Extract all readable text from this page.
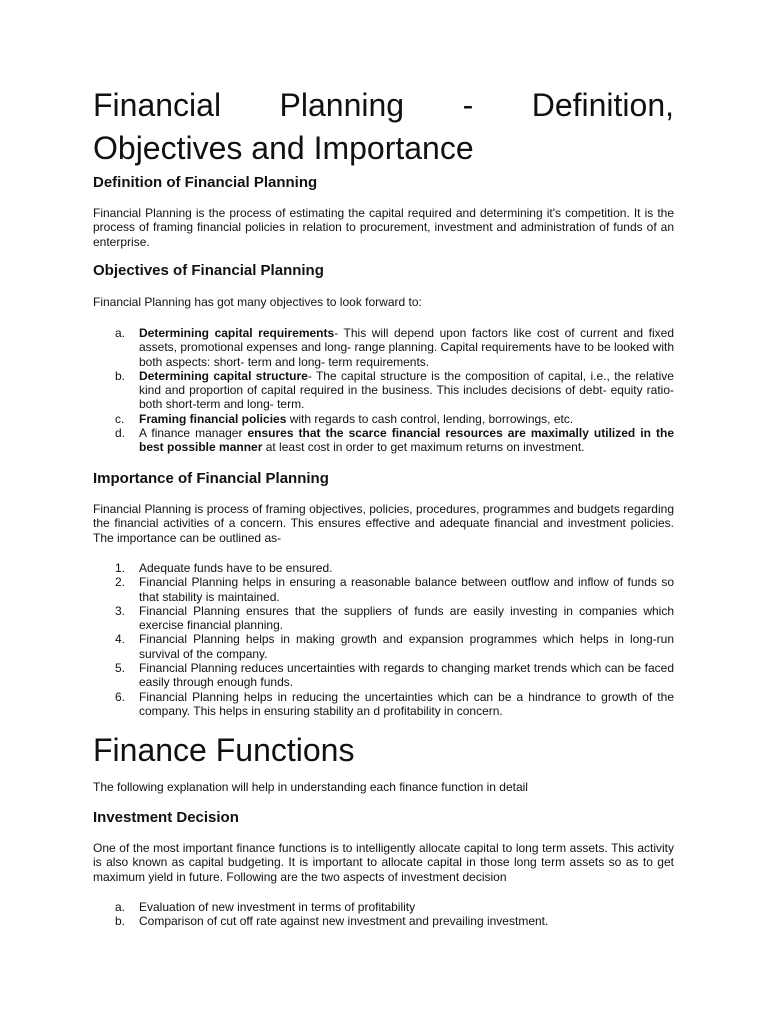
Financial Planning - Definition, Objectives and Importance
Definition of Financial Planning

Financial Planning is the process of estimating the capital required and determining it's competition. It is the process of framing financial policies in relation to procurement, investment and administration of funds of an enterprise.

Objectives of Financial Planning

Financial Planning has got many objectives to look forward to:

a. Determining capital requirements- This will depend upon factors like cost of current and fixed assets, promotional expenses and long- range planning. Capital requirements have to be looked with both aspects: short- term and long- term requirements.
b. Determining capital structure- The capital structure is the composition of capital, i.e., the relative kind and proportion of capital required in the business. This includes decisions of debt- equity ratio- both short-term and long- term.
c. Framing financial policies with regards to cash control, lending, borrowings, etc.
d. A finance manager ensures that the scarce financial resources are maximally utilized in the best possible manner at least cost in order to get maximum returns on investment.
Importance of Financial Planning

Financial Planning is process of framing objectives, policies, procedures, programmes and budgets regarding the financial activities of a concern. This ensures effective and adequate financial and investment policies. The importance can be outlined as-

1. Adequate funds have to be ensured.
2. Financial Planning helps in ensuring a reasonable balance between outflow and inflow of funds so that stability is maintained.
3. Financial Planning ensures that the suppliers of funds are easily investing in companies which exercise financial planning.
4. Financial Planning helps in making growth and expansion programmes which helps in long-run survival of the company.
5. Financial Planning reduces uncertainties with regards to changing market trends which can be faced easily through enough funds.
6. Financial Planning helps in reducing the uncertainties which can be a hindrance to growth of the company. This helps in ensuring stability an d profitability in concern.
Finance Functions

The following explanation will help in understanding each finance function in detail

Investment Decision

One of the most important finance functions is to intelligently allocate capital to long term assets. This activity is also known as capital budgeting. It is important to allocate capital in those long term assets so as to get maximum yield in future. Following are the two aspects of investment decision

a. Evaluation of new investment in terms of profitability
b. Comparison of cut off rate against new investment and prevailing investment.
